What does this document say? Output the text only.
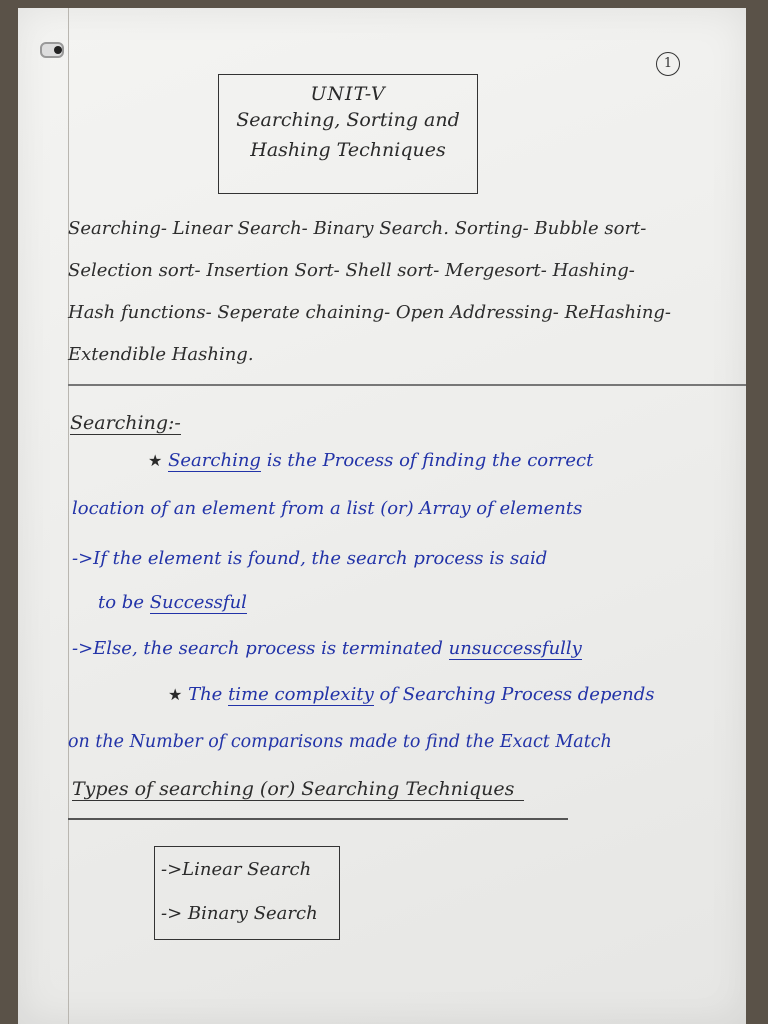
1
UNIT-V
Searching, Sorting and
Hashing Techniques
Searching- Linear Search- Binary Search. Sorting- Bubble sort-
Selection sort- Insertion Sort- Shell sort- Mergesort- Hashing-
Hash functions- Seperate chaining- Open Addressing- ReHashing-
Extendible Hashing.
Searching:-
★ Searching is the Process of finding the correct
location of an element from a list (or) Array of elements
->If the element is found, the search process is said
to be Successful
->Else, the search process is terminated unsuccessfully
★ The time complexity of Searching Process depends
on the Number of comparisons made to find the Exact Match
Types of searching (or) Searching Techniques
->Linear Search
-> Binary Search
